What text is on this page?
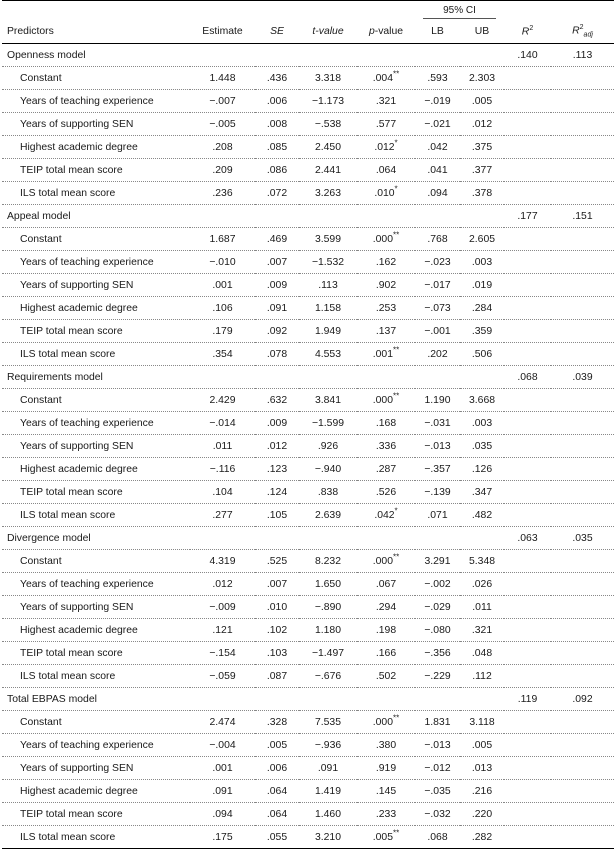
					95% CI			
Predictors	Estimate	SE	t-value	p-value	LB	UB	$R^2$	$R^2_{adj}$
Openness model							.140	.113
Constant	1.448	.436	3.318	.004**	.593	2.303		
Years of teaching experience	−.007	.006	−1.173	.321	−.019	.005		
Years of supporting SEN	−.005	.008	−.538	.577	−.021	.012		
Highest academic degree	.208	.085	2.450	.012*	.042	.375		
TEIP total mean score	.209	.086	2.441	.064	.041	.377		
ILS total mean score	.236	.072	3.263	.010*	.094	.378		
Appeal model							.177	.151
Constant	1.687	.469	3.599	.000**	.768	2.605		
Years of teaching experience	−.010	.007	−1.532	.162	−.023	.003		
Years of supporting SEN	.001	.009	.113	.902	−.017	.019		
Highest academic degree	.106	.091	1.158	.253	−.073	.284		
TEIP total mean score	.179	.092	1.949	.137	−.001	.359		
ILS total mean score	.354	.078	4.553	.001**	.202	.506		
Requirements model							.068	.039
Constant	2.429	.632	3.841	.000**	1.190	3.668		
Years of teaching experience	−.014	.009	−1.599	.168	−.031	.003		
Years of supporting SEN	.011	.012	.926	.336	−.013	.035		
Highest academic degree	−.116	.123	−.940	.287	−.357	.126		
TEIP total mean score	.104	.124	.838	.526	−.139	.347		
ILS total mean score	.277	.105	2.639	.042*	.071	.482		
Divergence model							.063	.035
Constant	4.319	.525	8.232	.000**	3.291	5.348		
Years of teaching experience	.012	.007	1.650	.067	−.002	.026		
Years of supporting SEN	−.009	.010	−.890	.294	−.029	.011		
Highest academic degree	.121	.102	1.180	.198	−.080	.321		
TEIP total mean score	−.154	.103	−1.497	.166	−.356	.048		
ILS total mean score	−.059	.087	−.676	.502	−.229	.112		
Total EBPAS model							.119	.092
Constant	2.474	.328	7.535	.000**	1.831	3.118		
Years of teaching experience	−.004	.005	−.936	.380	−.013	.005		
Years of supporting SEN	.001	.006	.091	.919	−.012	.013		
Highest academic degree	.091	.064	1.419	.145	−.035	.216		
TEIP total mean score	.094	.064	1.460	.233	−.032	.220		
ILS total mean score	.175	.055	3.210	.005**	.068	.282		
